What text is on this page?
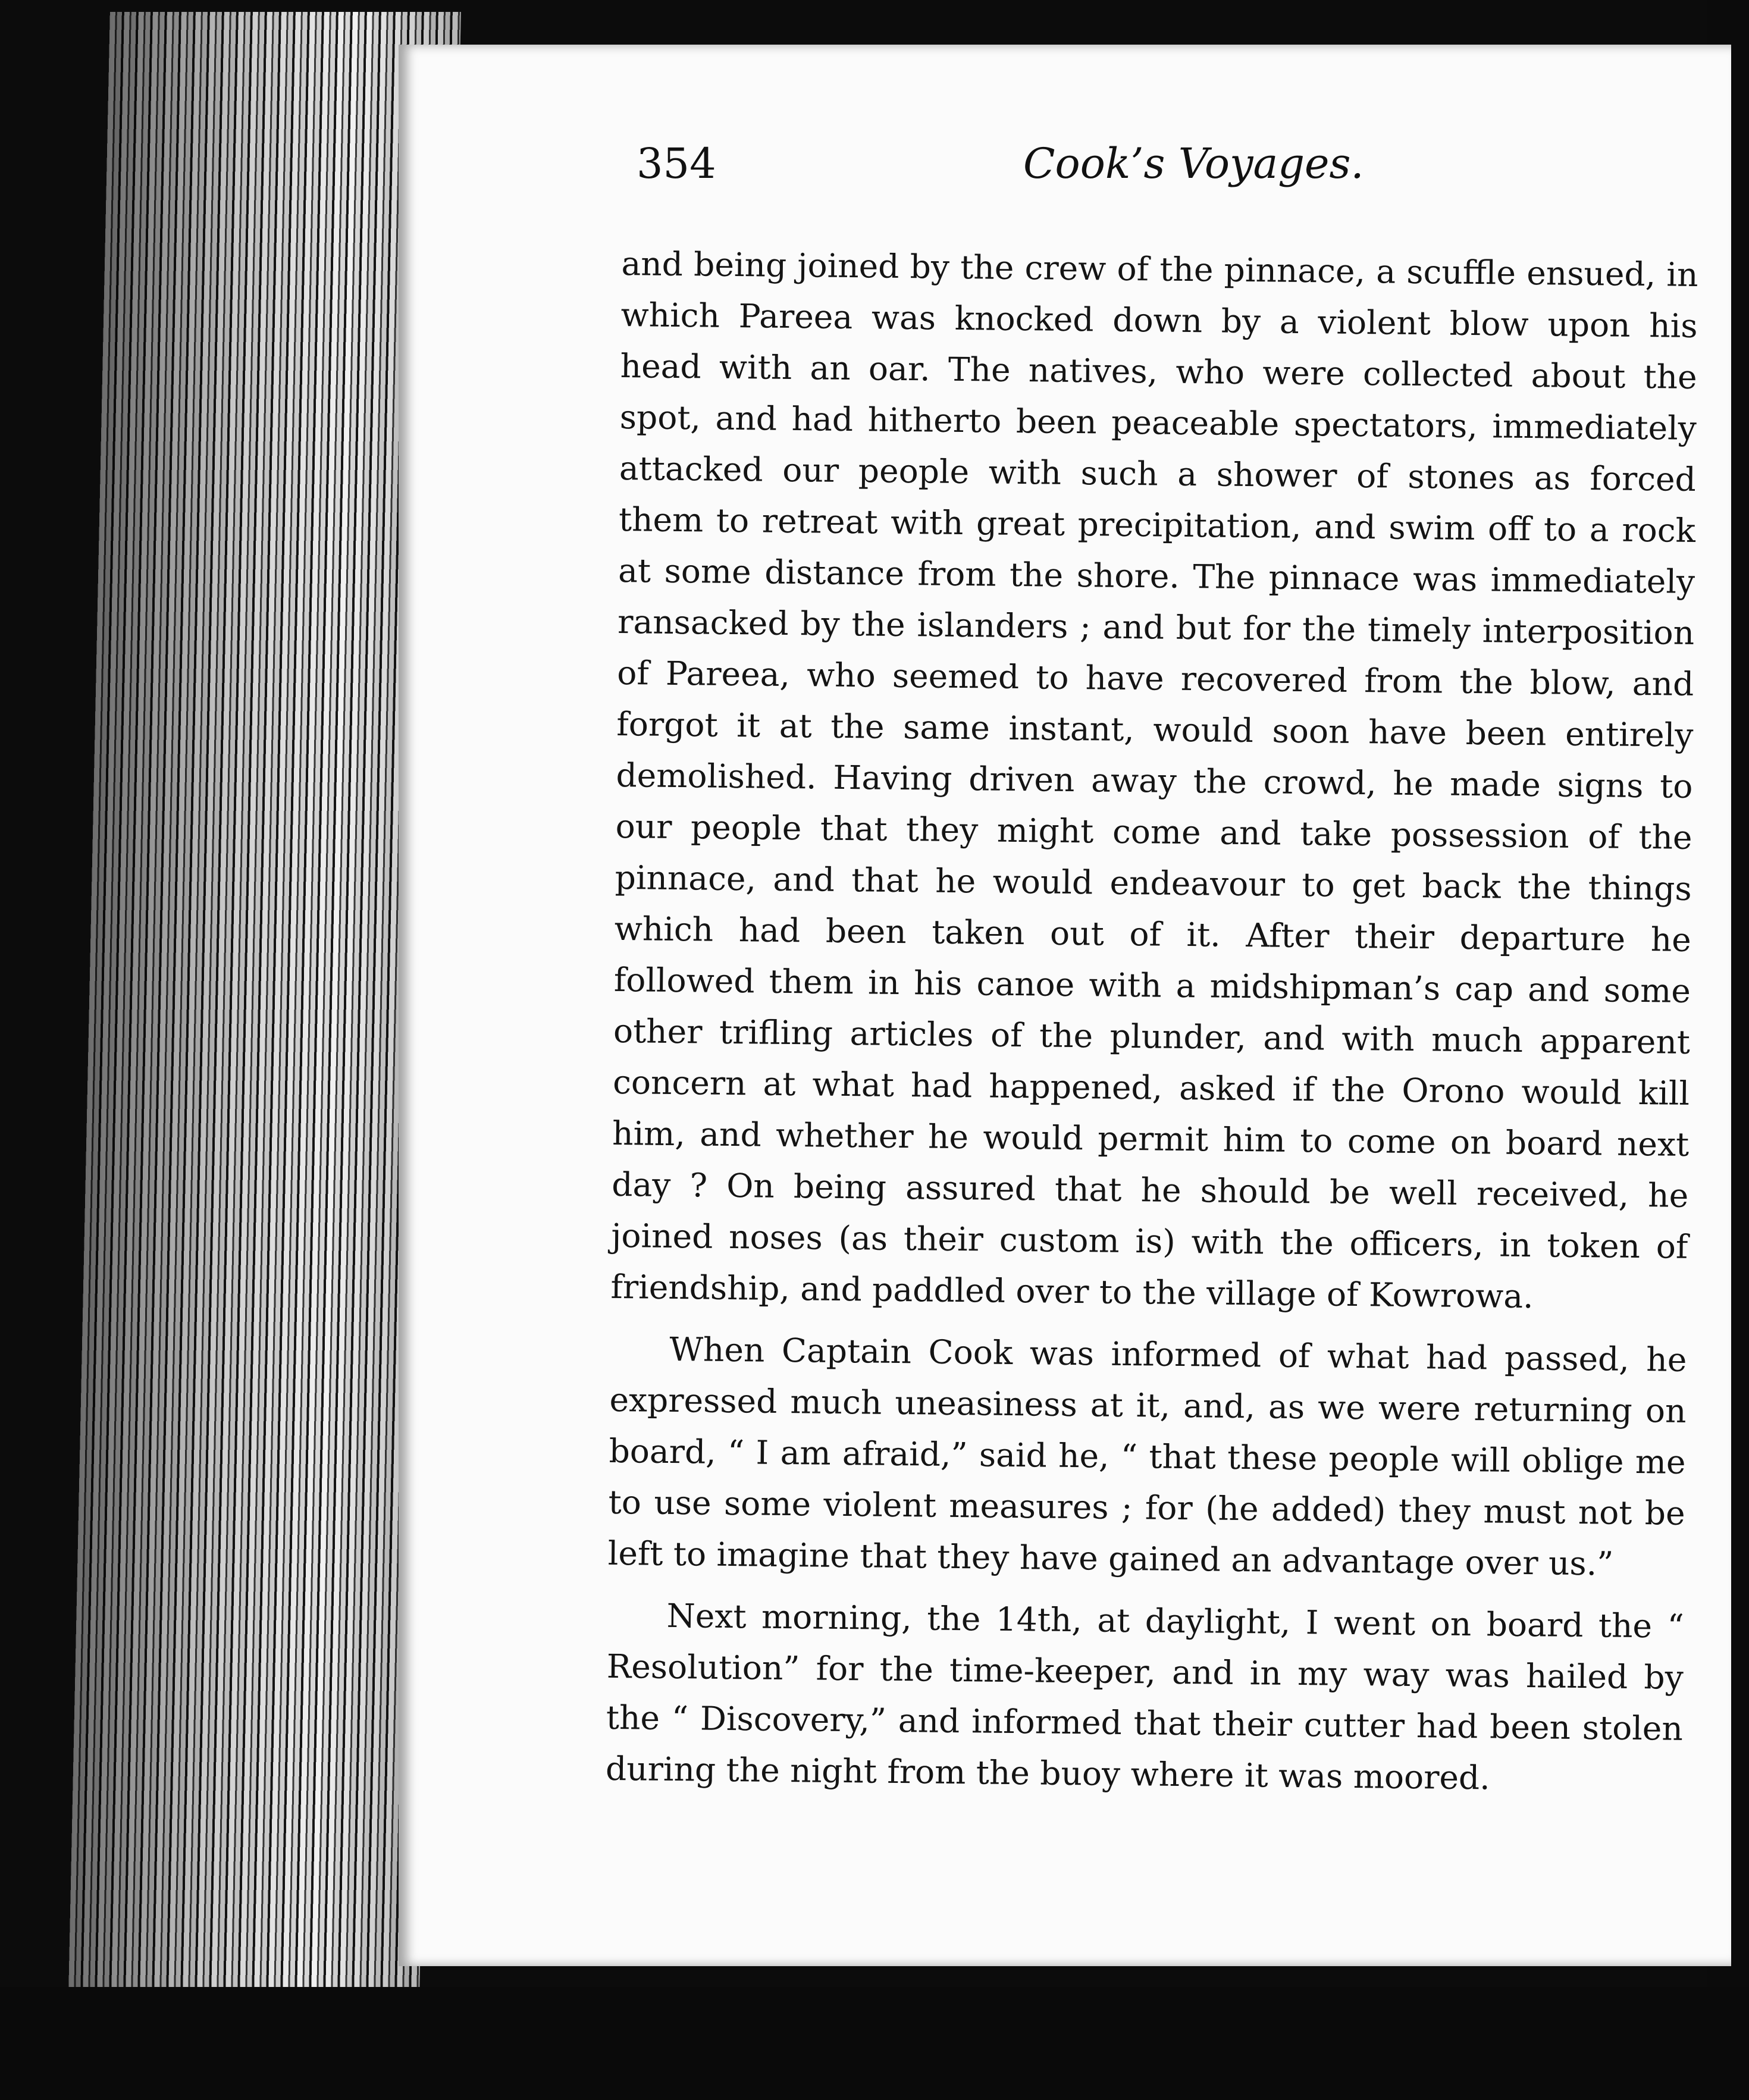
354	Cook’s Voyages.

and being joined by the crew of the pinnace, a scuffle ensued, in which Pareea was knocked down by a violent blow upon his head with an oar. The natives, who were collected about the spot, and had hitherto been peaceable spectators, immediately attacked our people with such a shower of stones as forced them to retreat with great precipitation, and swim off to a rock at some distance from the shore. The pinnace was immediately ransacked by the islanders ; and but for the timely interposition of Pareea, who seemed to have recovered from the blow, and forgot it at the same instant, would soon have been entirely demolished. Having driven away the crowd, he made signs to our people that they might come and take possession of the pinnace, and that he would endeavour to get back the things which had been taken out of it. After their departure he followed them in his canoe with a midshipman’s cap and some other trifling articles of the plunder, and with much apparent concern at what had happened, asked if the Orono would kill him, and whether he would permit him to come on board next day ? On being assured that he should be well received, he joined noses (as their custom is) with the officers, in token of friendship, and paddled over to the village of Kowrowa.

When Captain Cook was informed of what had passed, he expressed much uneasiness at it, and, as we were returning on board, “ I am afraid,” said he, “ that these people will oblige me to use some violent measures ; for (he added) they must not be left to imagine that they have gained an advantage over us.”

Next morning, the 14th, at daylight, I went on board the “ Resolution” for the time-keeper, and in my way was hailed by the “ Discovery,” and informed that their cutter had been stolen during the night from the buoy where it was moored.
